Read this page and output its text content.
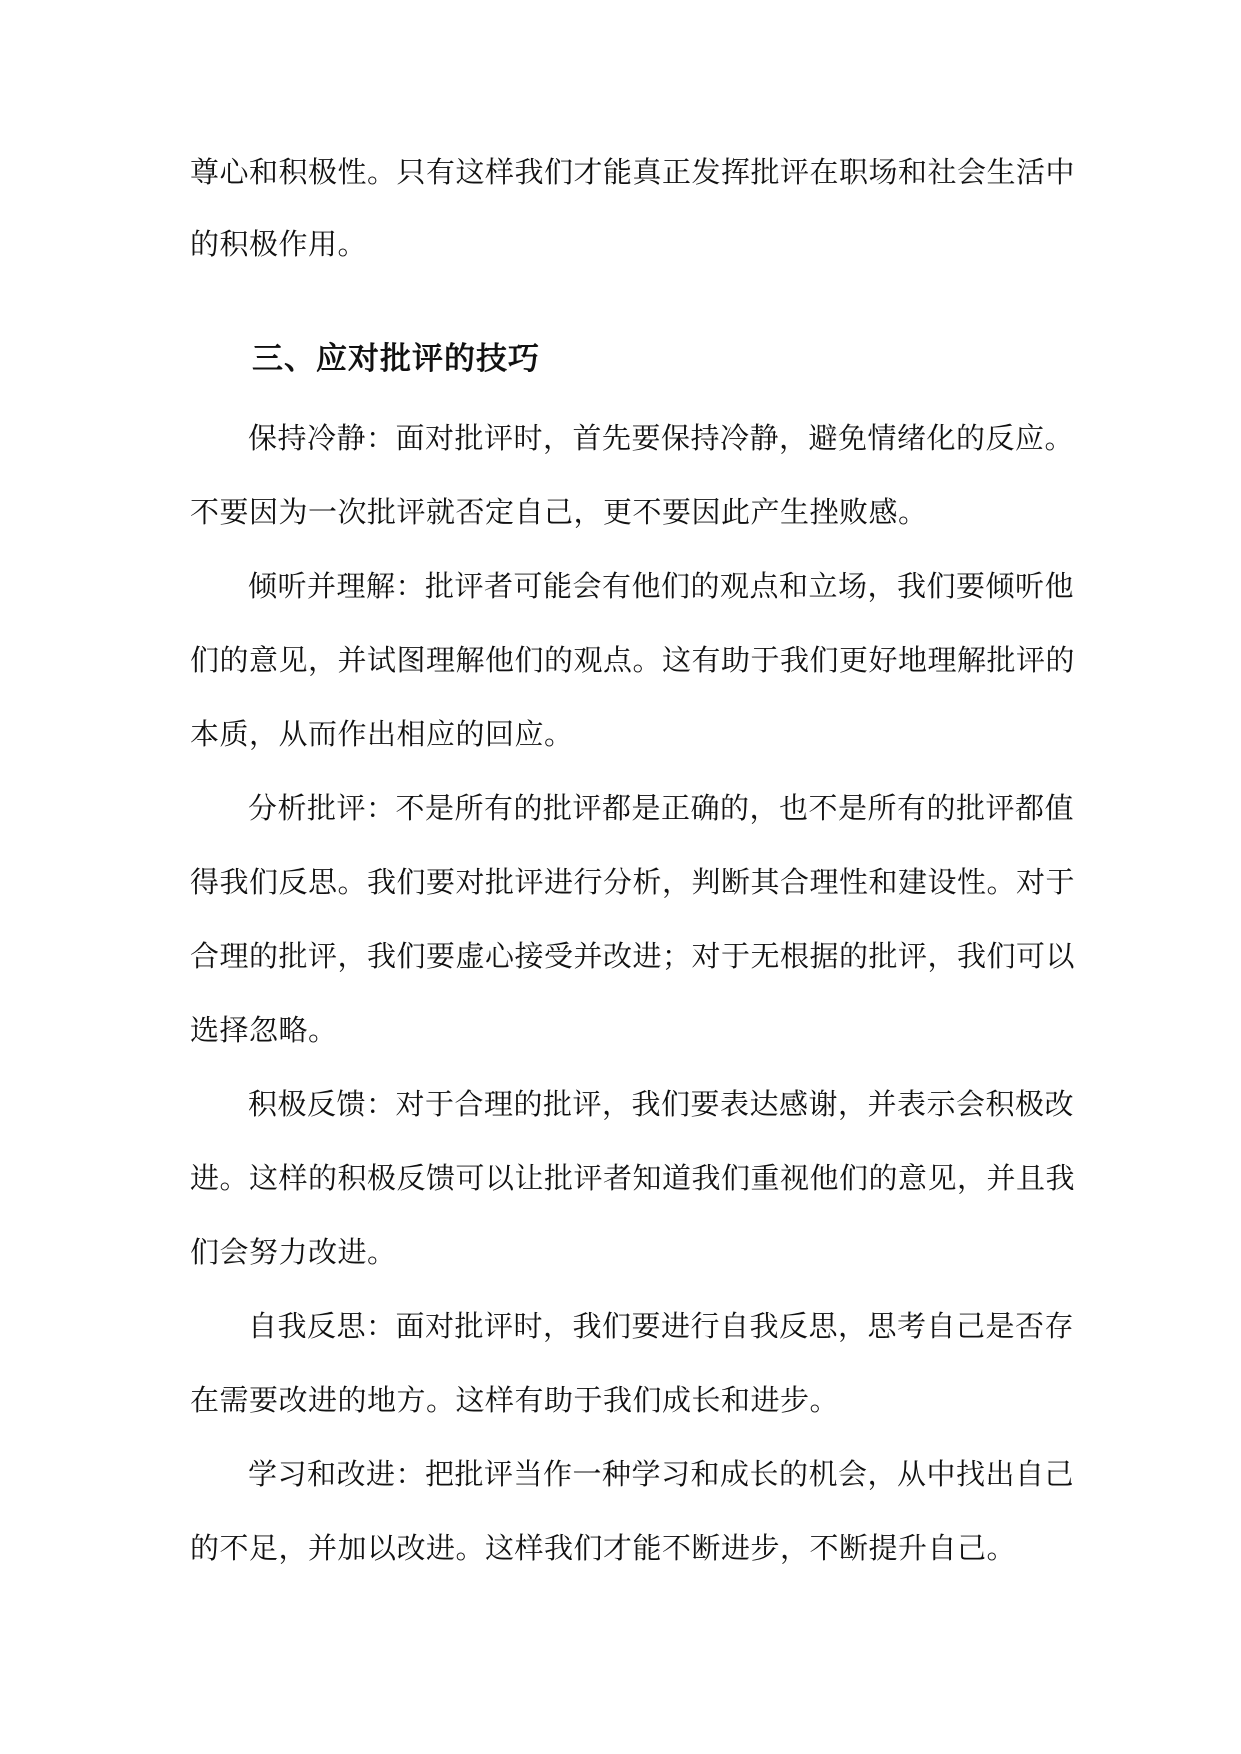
尊心和积极性。只有这样我们才能真正发挥批评在职场和社会生活中
的积极作用。
三、应对批评的技巧
保持冷静：面对批评时，首先要保持冷静，避免情绪化的反应。
不要因为一次批评就否定自己，更不要因此产生挫败感。
倾听并理解：批评者可能会有他们的观点和立场，我们要倾听他
们的意见，并试图理解他们的观点。这有助于我们更好地理解批评的
本质，从而作出相应的回应。
分析批评：不是所有的批评都是正确的，也不是所有的批评都值
得我们反思。我们要对批评进行分析，判断其合理性和建设性。对于
合理的批评，我们要虚心接受并改进；对于无根据的批评，我们可以
选择忽略。
积极反馈：对于合理的批评，我们要表达感谢，并表示会积极改
进。这样的积极反馈可以让批评者知道我们重视他们的意见，并且我
们会努力改进。
自我反思：面对批评时，我们要进行自我反思，思考自己是否存
在需要改进的地方。这样有助于我们成长和进步。
学习和改进：把批评当作一种学习和成长的机会，从中找出自己
的不足，并加以改进。这样我们才能不断进步，不断提升自己。
